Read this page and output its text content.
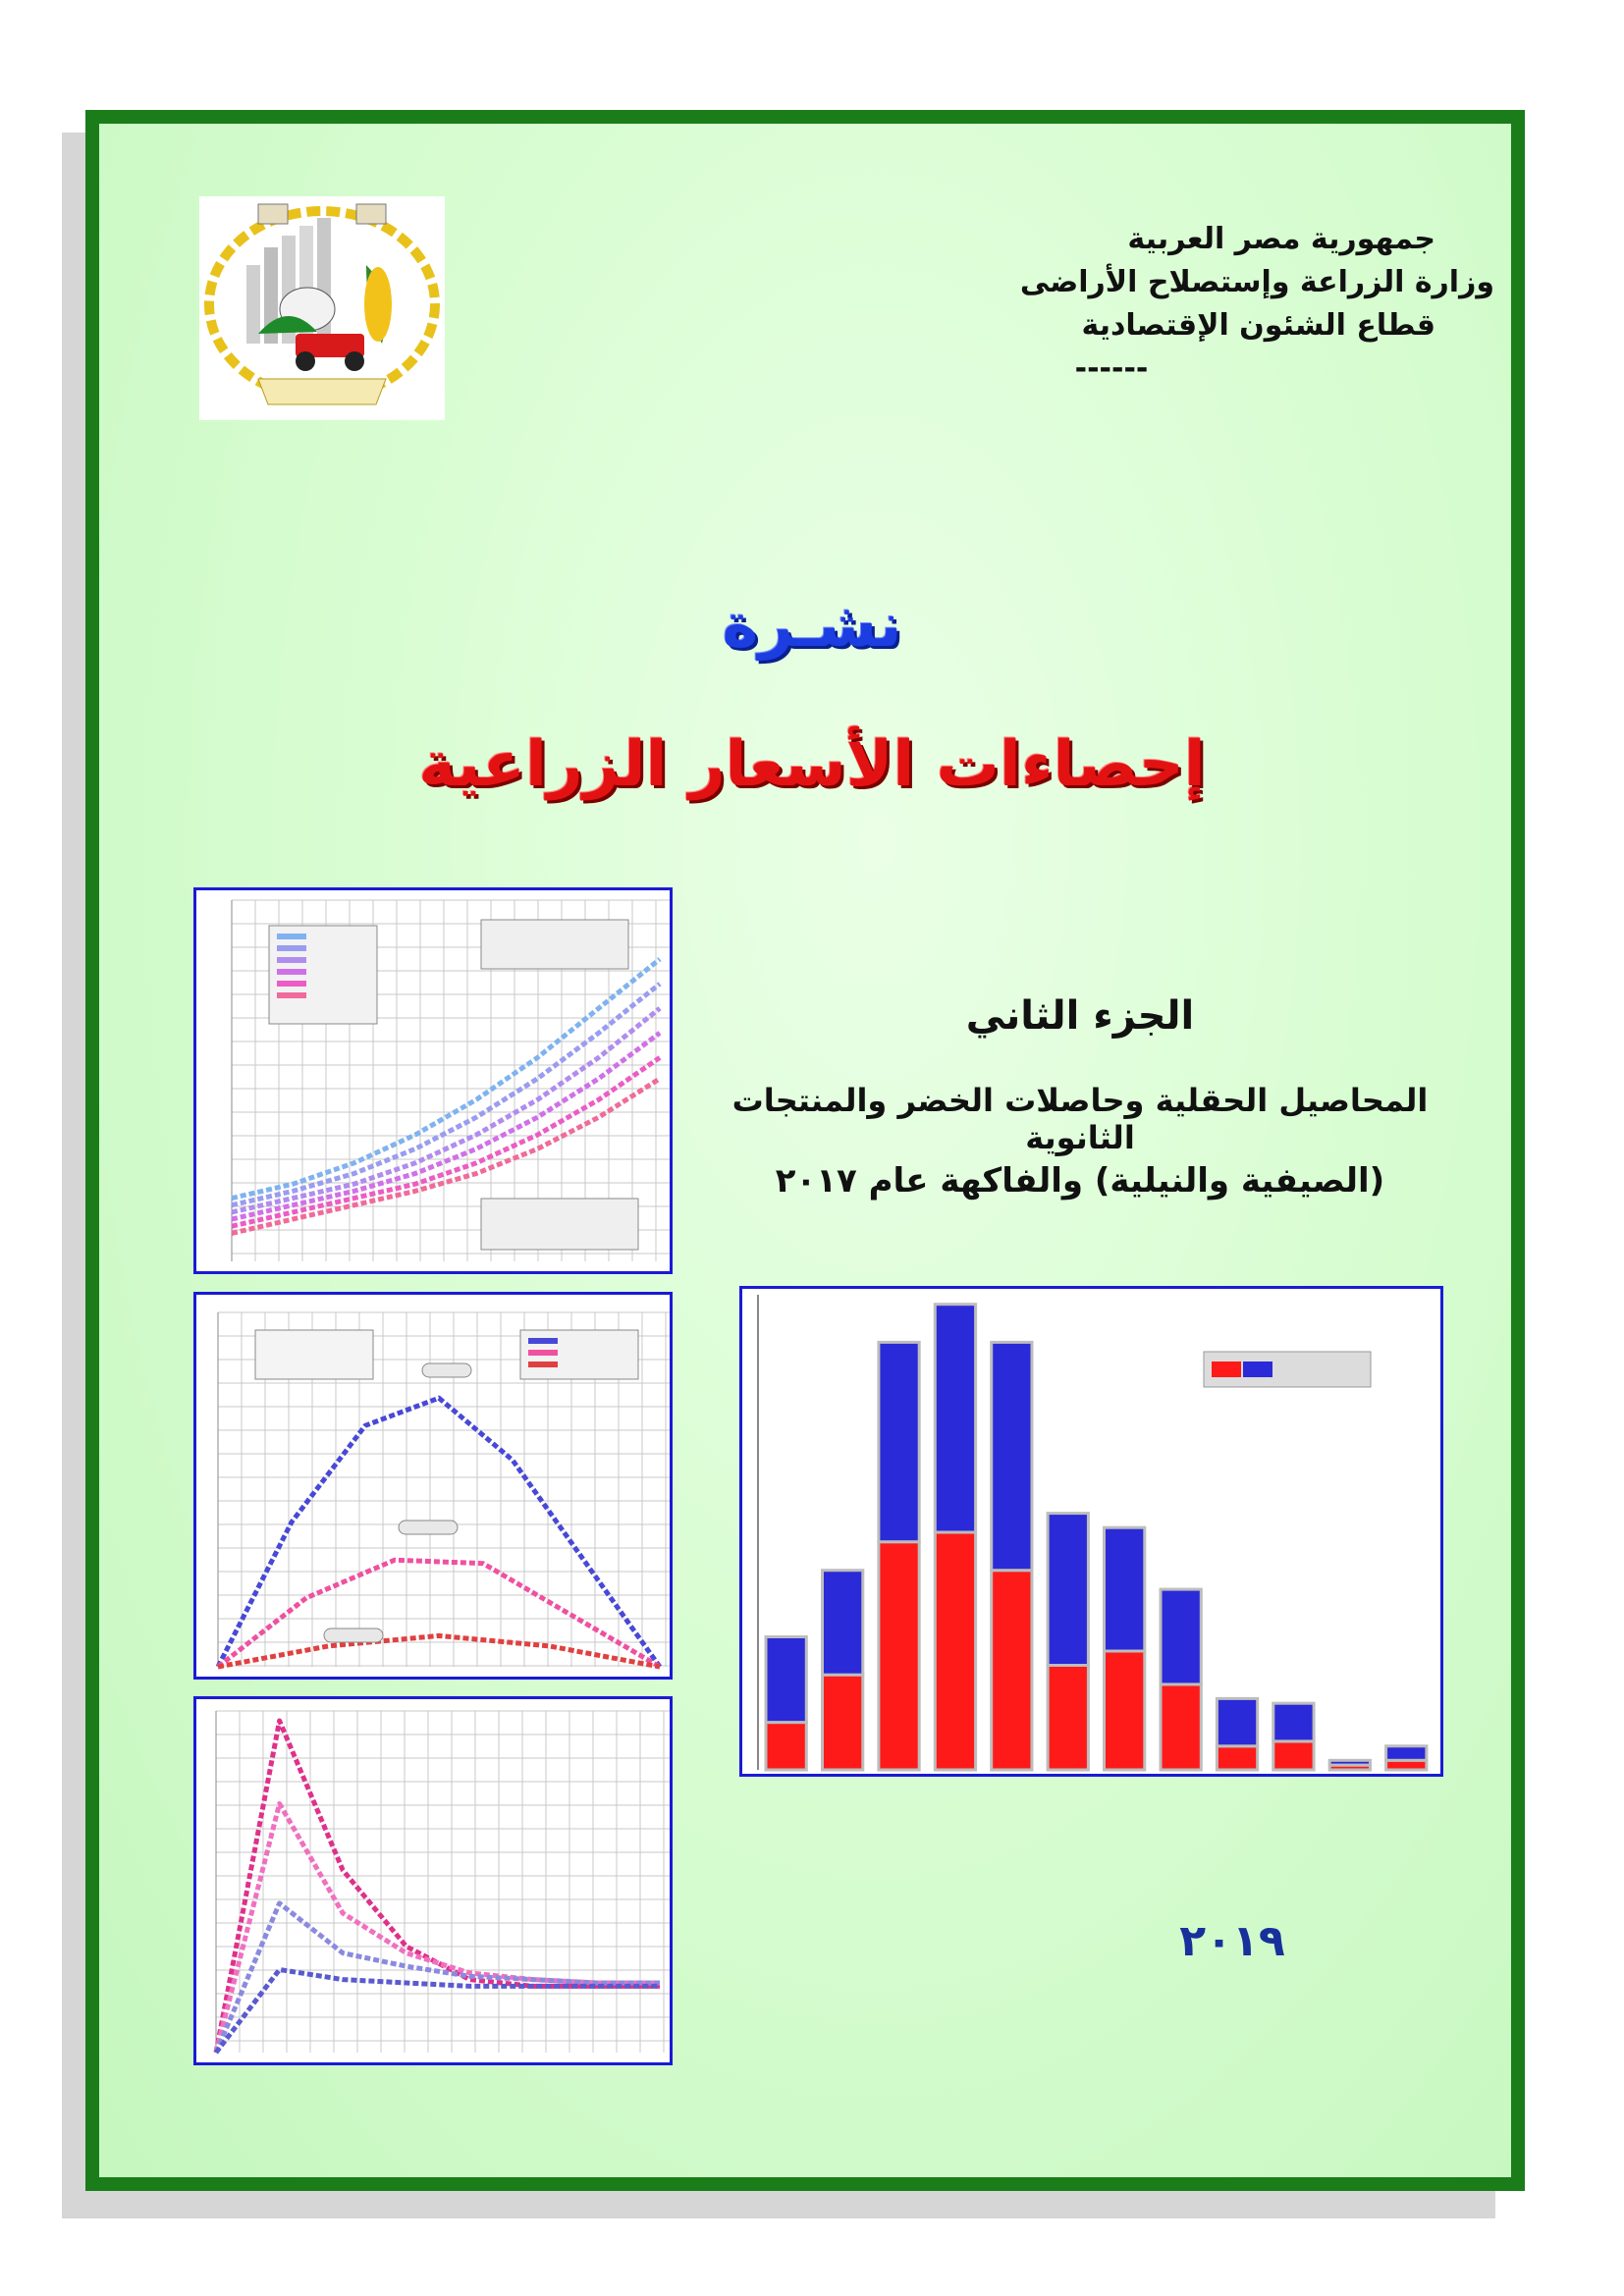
جمهورية مصر العربية
وزارة الزراعة وإستصلاح الأراضى
قطاع الشئون الإقتصادية
------
نشـرة
إحصاءات الأسعار الزراعية
الجزء الثاني
المحاصيل الحقلية وحاصلات الخضر والمنتجات الثانوية
(الصيفية والنيلية) والفاكهة عام ٢٠١٧
٢٠١٩
